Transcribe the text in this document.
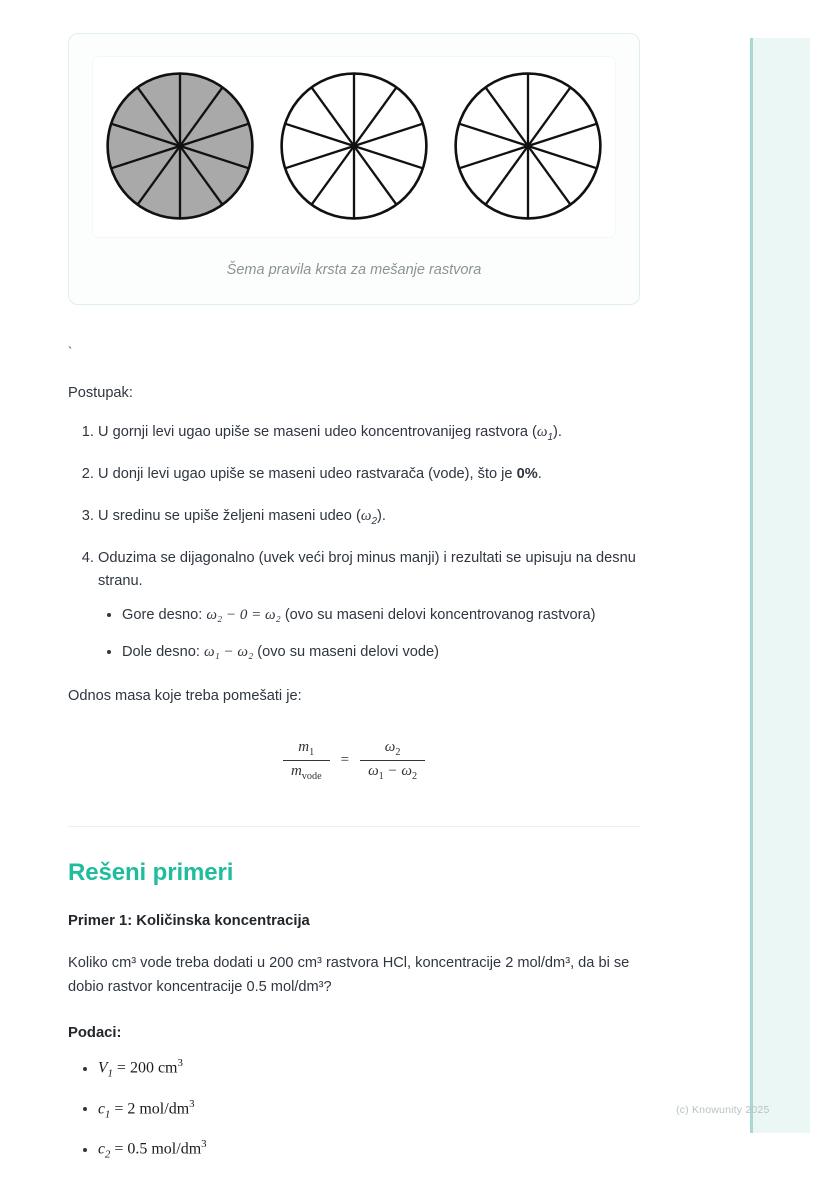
(c) Knowunity 2025
Šema pravila krsta za mešanje rastvora
`

Postupak:

1. U gornji levi ugao upiše se maseni udeo koncentrovanijeg rastvora $(\omega_1)$.
2. U donji levi ugao upiše se maseni udeo rastvarača (vode), što je 0%.
3. U sredinu se upiše željeni maseni udeo $(\omega_2)$.
4. Oduzima se dijagonalno (uvek veći broj minus manji) i rezultati se upisuju na desnu stranu.
• Gore desno: ω₂ − 0 = ω₂ (ovo su maseni delovi koncentrovanog rastvora)
• Dole desno: ω₁ − ω₂ (ovo su maseni delovi vode)

Odnos masa koje treba pomešati je:

$\frac{m_1}{m_{vode}} = \frac{\omega_2}{\omega_1 - \omega_2}$
Rešeni primeri
Primer 1: Količinska koncentracija

Koliko cm³ vode treba dodati u 200 cm³ rastvora HCl, koncentracije 2 mol/dm³, da bi se dobio rastvor koncentracije 0.5 mol/dm³?

Podaci:
• $V_1 = 200$ $cm^3$
• $c_1 = 2$ mol/$dm^3$
• $c_2 = 0.5$ mol/$dm^3$
